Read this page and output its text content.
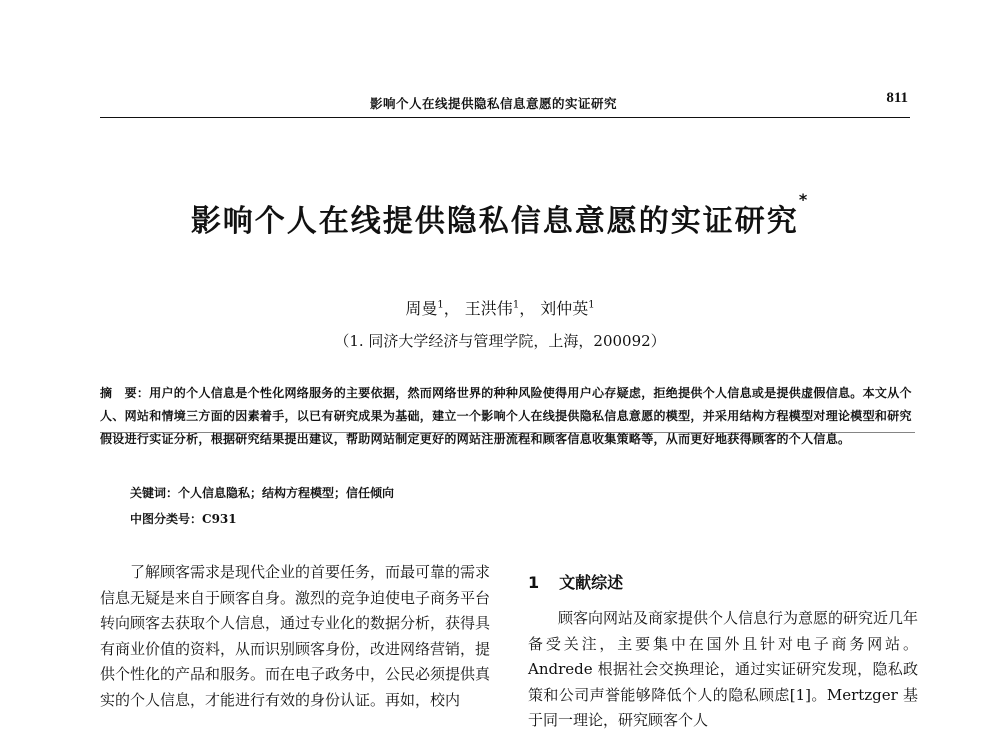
影响个人在线提供隐私信息意愿的实证研究	811
影响个人在线提供隐私信息意愿的实证研究*
周曼$^1$， 王洪伟$^1$， 刘仲英$^1$
（1. 同济大学经济与管理学院，上海，200092）
摘　要：用户的个人信息是个性化网络服务的主要依据，然而网络世界的种种风险使得用户心存疑虑，拒绝提供个人信息或是提供虚假信息。本文从个人、网站和情境三方面的因素着手，以已有研究成果为基础，建立一个影响个人在线提供隐私信息意愿的模型，并采用结构方程模型对理论模型和研究假设进行实证分析，根据研究结果提出建议，帮助网站制定更好的网站注册流程和顾客信息收集策略等，从而更好地获得顾客的个人信息。
关键词：个人信息隐私；结构方程模型；信任倾向
中图分类号：C931

了解顾客需求是现代企业的首要任务，而最可靠的需求信息无疑是来自于顾客自身。激烈的竞争迫使电子商务平台转向顾客去获取个人信息，通过专业化的数据分析，获得具有商业价值的资料，从而识别顾客身份，改进网络营销，提供个性化的产品和服务。而在电子政务中，公民必须提供真实的个人信息，才能进行有效的身份认证。再如，校内

1 文献综述

顾客向网站及商家提供个人信息行为意愿的研究近几年备受关注，主要集中在国外且针对电子商务网站。Andrede 根据社会交换理论，通过实证研究发现，隐私政策和公司声誉能够降低个人的隐私顾虑[1]。Mertzger 基于同一理论，研究顾客个人
